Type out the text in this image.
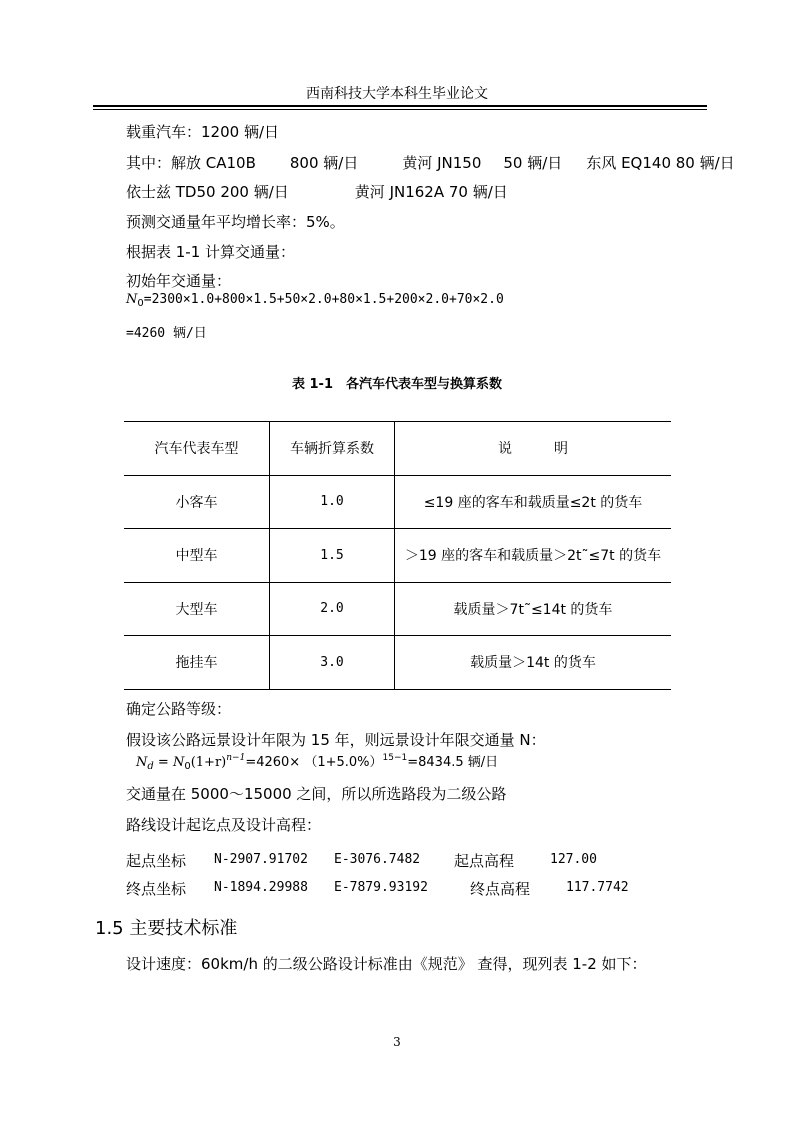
西南科技大学本科生毕业论文
载重汽车：1200 辆/日
其中：解放 CA10B 800 辆/日	黄河 JN150 50 辆/日 东风 EQ140 80 辆/日
依士兹 TD50 200 辆/日	黄河 JN162A 70 辆/日
预测交通量年平均增长率：5%。
根据表 1-1 计算交通量：
初始年交通量：
$N_0=2300\times 1.0+800\times 1.5+50\times 2.0+80\times 1.5+200\times 2.0+70\times 2.0$
=4260 辆/日
表 1-1　各汽车代表车型与换算系数
汽车代表车型	车辆折算系数	说　　　明
小客车	1.0	≤19 座的客车和载质量≤2t 的货车
中型车	1.5	＞19 座的客车和载质量＞2t˜≤7t 的货车
大型车	2.0	载质量＞7t˜≤14t 的货车
拖挂车	3.0	载质量＞14t 的货车
确定公路等级：
假设该公路远景设计年限为 15 年，则远景设计年限交通量 N：
$N_d = N_0(1+r)^{n-1}=4260\times (1+5.0\%)^{15-1}=8434.5$ 辆/日
交通量在 5000～15000 之间，所以所选路段为二级公路
路线设计起讫点及设计高程：
起点坐标 N-2907.91702 E-3076.7482 起点高程	127.00
终点坐标 N-1894.29988 E-7879.93192	终点高程	117.7742
1.5 主要技术标准
设计速度：60km/h 的二级公路设计标准由《规范》 查得，现列表 1-2 如下：
3
